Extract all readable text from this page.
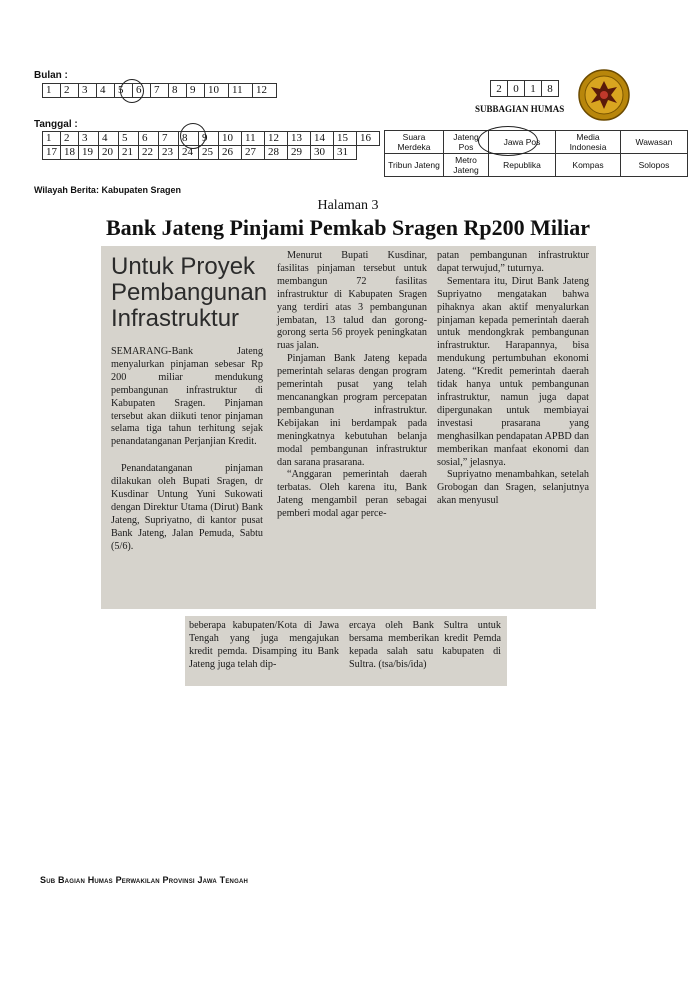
Bulan :
1	2	3	4	5	6	7	8	9	10	11	12
Tanggal :
1	2	3	4	5	6	7	8	9	10	11	12	13	14	15	16
17	18	19	20	21	22	23	24	25	26	27	28	29	30	31	
2	0	1	8
SUBBAGIAN HUMAS
Suara Merdeka	Jateng Pos	Jawa Pos	Media Indonesia	Wawasan
Tribun Jateng	Metro Jateng	Republika	Kompas	Solopos
Wilayah Berita: Kabupaten Sragen
Halaman 3
Bank Jateng Pinjami Pemkab Sragen Rp200 Miliar
Untuk Proyek Pembangunan Infrastruktur

SEMARANG-Bank Jateng menyalurkan pinjaman sebesar Rp 200 miliar mendukung pembangunan infrastruktur di Kabupaten Sragen. Pinjaman tersebut akan diikuti tenor pinjaman selama tiga tahun terhitung sejak penandatanganan Perjanjian Kredit.

Penandatanganan pinjaman dilakukan oleh Bupati Sragen, dr Kusdinar Untung Yuni Sukowati dengan Direktur Utama (Dirut) Bank Jateng, Supriyatno, di kantor pusat Bank Jateng, Jalan Pemuda, Sabtu (5/6).

Menurut Bupati Kusdinar, fasilitas pinjaman tersebut untuk membangun 72 fasilitas infrastruktur di Kabupaten Sragen yang terdiri atas 3 pembangunan jembatan, 13 talud dan gorong-gorong serta 56 proyek peningkatan ruas jalan.

Pinjaman Bank Jateng kepada pemerintah selaras dengan program pemerintah pusat yang telah mencanangkan program percepatan pembangunan infrastruktur. Kebijakan ini berdampak pada meningkatnya kebutuhan belanja modal pembangunan infrastruktur dan sarana prasarana.

“Anggaran pemerintah daerah terbatas. Oleh karena itu, Bank Jateng mengambil peran sebagai pemberi modal agar perce-

patan pembangunan infrastruktur dapat terwujud,” tuturnya.

Sementara itu, Dirut Bank Jateng Supriyatno mengatakan bahwa pihaknya akan aktif menyalurkan pinjaman kepada pemerintah daerah untuk mendongkrak pembangunan infrastruktur. Harapannya, bisa mendukung pertumbuhan ekonomi Jateng. “Kredit pemerintah daerah tidak hanya untuk pembangunan infrastruktur, namun juga dapat dipergunakan untuk membiayai investasi prasarana yang menghasilkan pendapatan APBD dan memberikan manfaat ekonomi dan sosial,” jelasnya.

Supriyatno menambahkan, setelah Grobogan dan Sragen, selanjutnya akan menyusul

beberapa kabupaten/Kota di Jawa Tengah yang juga mengajukan kredit pemda. Disamping itu Bank Jateng juga telah dip-

ercaya oleh Bank Sultra untuk bersama memberikan kredit Pemda kepada salah satu kabupaten di Sultra. (tsa/bis/ida)

Sub Bagian Humas Perwakilan Provinsi Jawa Tengah
